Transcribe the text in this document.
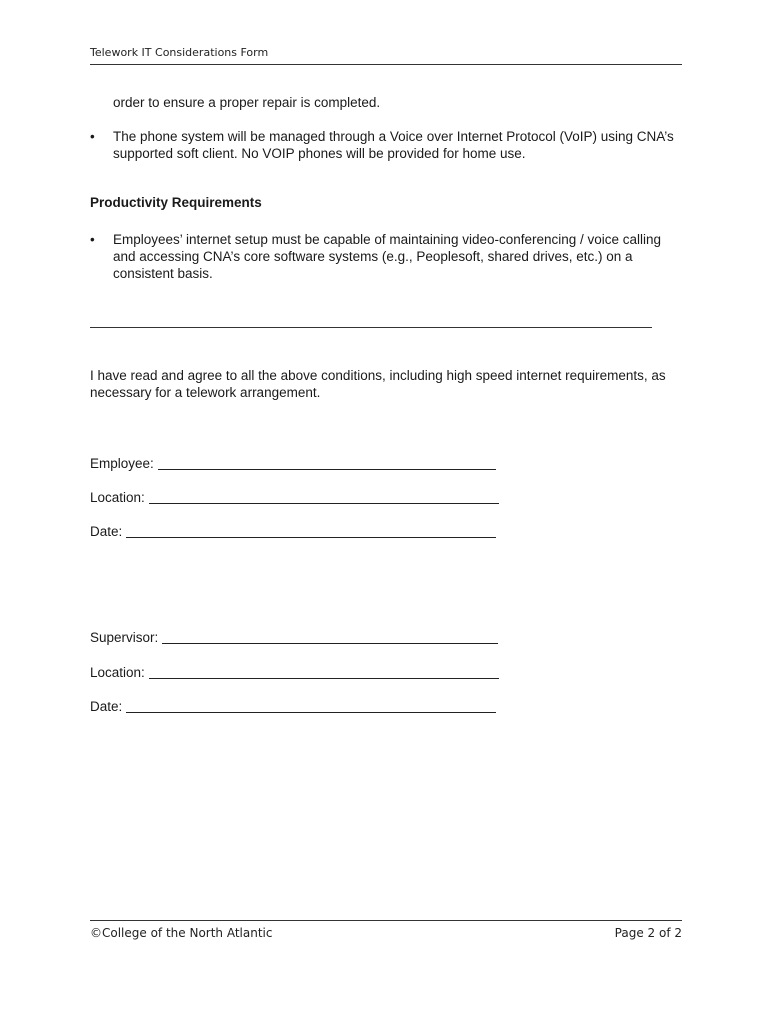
Telework IT Considerations Form

order to ensure a proper repair is completed.

•	The phone system will be managed through a Voice over Internet Protocol (VoIP) using CNA’s supported soft client. No VOIP phones will be provided for home use.
Productivity Requirements
•	Employees’ internet setup must be capable of maintaining video-conferencing / voice calling and accessing CNA’s core software systems (e.g., Peoplesoft, shared drives, etc.) on a consistent basis.

I have read and agree to all the above conditions, including high speed internet requirements, as necessary for a telework arrangement.

Employee:
Location:
Date:
Supervisor:
Location:
Date:
©College of the North Atlantic	Page 2 of 2
